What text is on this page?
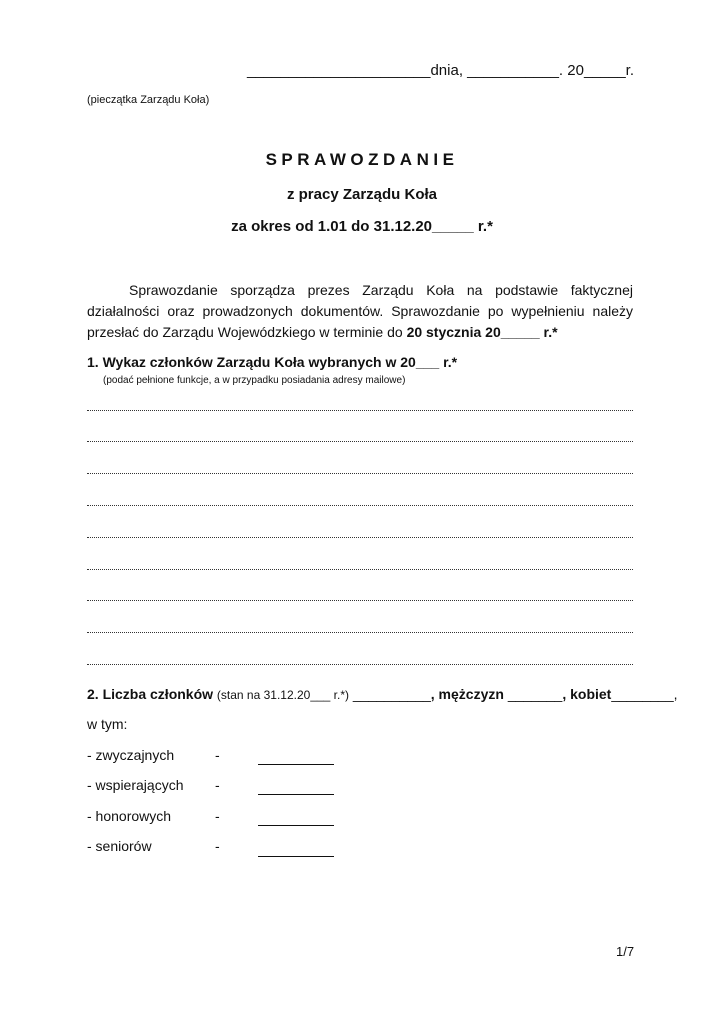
______________________dnia, ___________. 20_____r.
(pieczątka Zarządu Koła)
SPRAWOZDANIE
z pracy Zarządu Koła
za okres od 1.01 do 31.12.20_____ r.*

Sprawozdanie sporządza prezes Zarządu Koła na podstawie faktycznej działalności oraz prowadzonych dokumentów. Sprawozdanie po wypełnieniu należy przesłać do Zarządu Wojewódzkiego w terminie do 20 stycznia 20_____ r.*

1. Wykaz członków Zarządu Koła wybranych w 20___ r.*
(podać pełnione funkcje, a w przypadku posiadania adresy mailowe)
2. Liczba członków (stan na 31.12.20___ r.*) __________, mężczyzn _______, kobiet________,
w tym:
- zwyczajnych	-
- wspierających -
- honorowych	-
- seniorów	-
1/7
